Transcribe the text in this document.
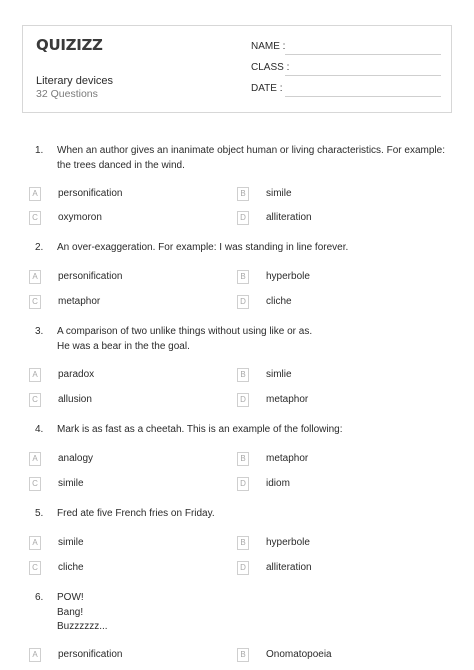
QUIZIZZ
Literary devices
32 Questions
NAME :
CLASS :
DATE :
1. When an author gives an inanimate object human or living characteristics. For example:
the trees danced in the wind.
A	personification	B	simile
C	oxymoron	D	alliteration
2. An over-exaggeration. For example: I was standing in line forever.
A	personification	B	hyperbole
C	metaphor	D	cliche
3. A comparison of two unlike things without using like or as.
He was a bear in the the goal.
A	paradox	B	simlie
C	allusion	D	metaphor
4. Mark is as fast as a cheetah. This is an example of the following:
A	analogy	B	metaphor
C	simile	D	idiom
5. Fred ate five French fries on Friday.
A	simile	B	hyperbole
C	cliche	D	alliteration
6. POW!
Bang!
Buzzzzzz...
A	personification	B	Onomatopoeia
